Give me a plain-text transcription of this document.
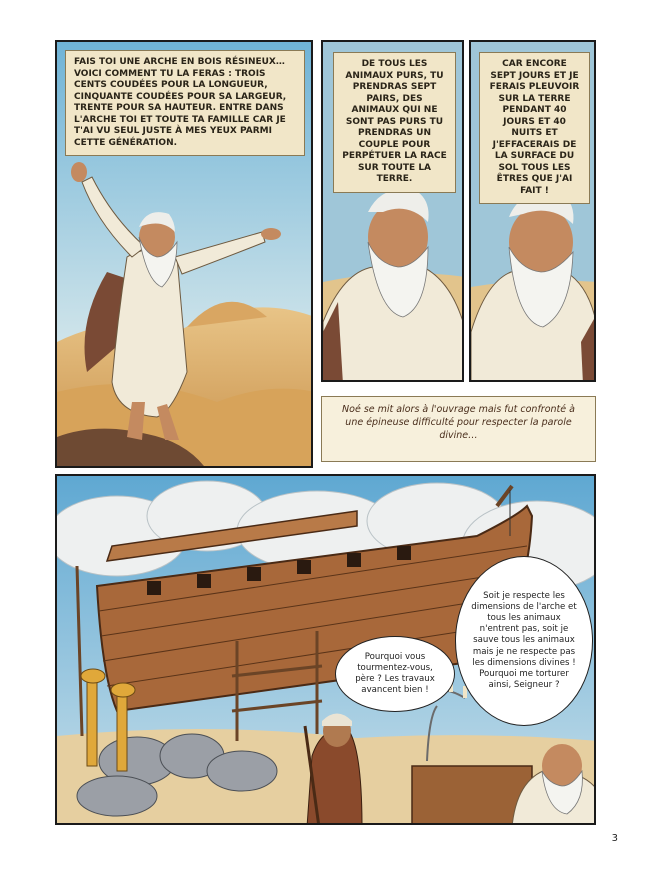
FAIS TOI UNE ARCHE EN BOIS RÉSINEUX… VOICI COMMENT TU LA FERAS : TROIS CENTS COUDÉES POUR LA LONGUEUR, CINQUANTE COUDÉES POUR SA LARGEUR, TRENTE POUR SA HAUTEUR. ENTRE DANS L'ARCHE TOI ET TOUTE TA FAMILLE CAR JE T'AI VU SEUL JUSTE À MES YEUX PARMI CETTE GÉNÉRATION.
DE TOUS LES ANIMAUX PURS, TU PRENDRAS SEPT PAIRS, DES ANIMAUX QUI NE SONT PAS PURS TU PRENDRAS UN COUPLE POUR PERPÉTUER LA RACE SUR TOUTE LA TERRE.
CAR ENCORE SEPT JOURS ET JE FERAIS PLEUVOIR SUR LA TERRE PENDANT 40 JOURS ET 40 NUITS ET J'EFFACERAIS DE LA SURFACE DU SOL TOUS LES ÊTRES QUE J'AI FAIT !
Noé se mit alors à l'ouvrage mais fut confronté à une épineuse difficulté pour respecter la parole divine…
Pourquoi vous tourmentez-vous, père ? Les travaux avancent bien !
Soit je respecte les dimensions de l'arche et tous les animaux n'entrent pas, soit je sauve tous les animaux mais je ne respecte pas les dimensions divines ! Pourquoi me torturer ainsi, Seigneur ?
3
